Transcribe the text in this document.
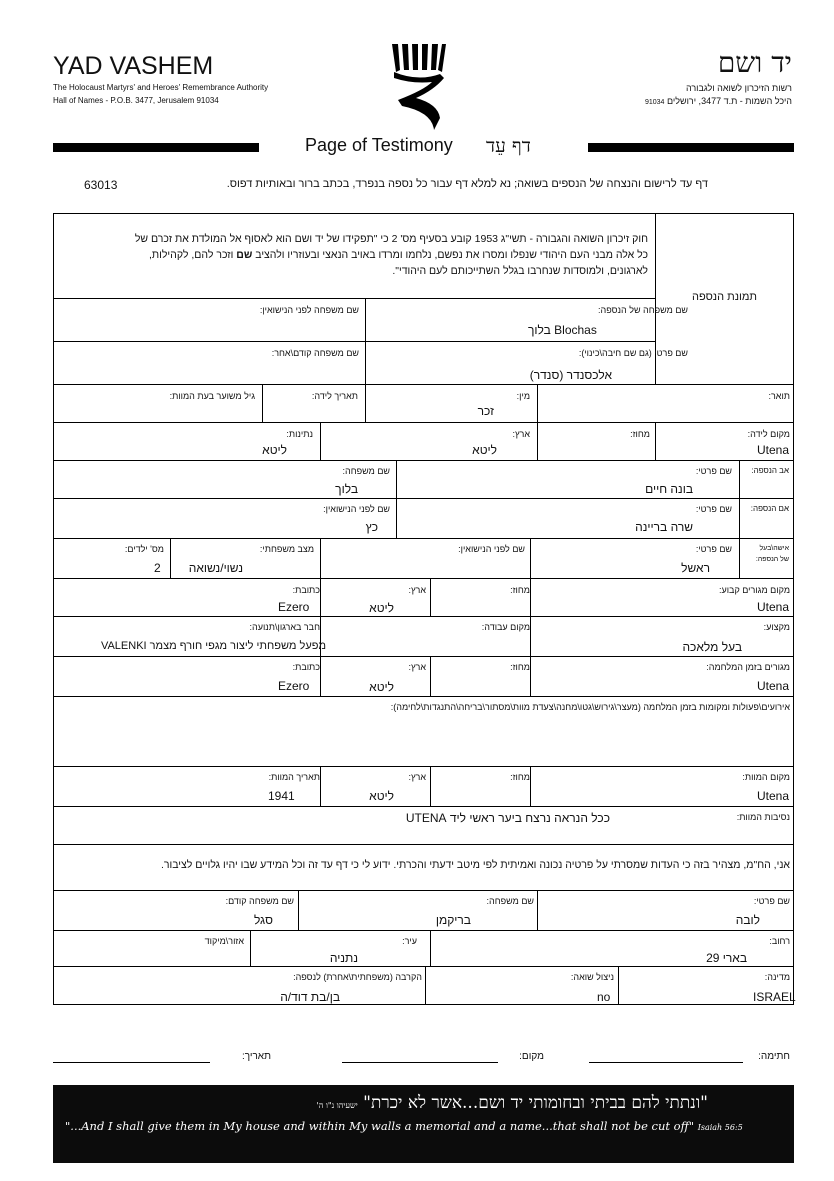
YAD VASHEM
The Holocaust Martyrs' and Heroes' Remembrance Authority
Hall of Names - P.O.B. 3477, Jerusalem 91034
יד ושם
רשות הזיכרון לשואה ולגבורה
היכל השמות - ת.ד 3477, ירושלים 91034
Page of Testimony דף עֵד
דף עד לרישום והנצחה של הנספים בשואה; נא למלא דף עבור כל נספה בנפרד, בכתב ברור ובאותיות דפוס.
63013
חוק זיכרון השואה והגבורה - תשי"ג 1953 קובע בסעיף מס' 2 כי "תפקידו של יד ושם הוא לאסוף אל המולדת את זכרם של
כל אלה מבני העם היהודי שנפלו ומסרו את נפשם, נלחמו ומרדו באויב הנאצי ובעוזריו ולהציב שם וזכר להם, לקהילות,
לארגונים, ולמוסדות שנחרבו בגלל השתייכותם לעם היהודי".
תמונת הנספה
שם משפחה של הנספה:
בלוך Blochas
שם משפחה לפני הנישואין:
שם פרטי (גם שם חיבה\כינוי):
אלכסנדר (סנדר)
שם משפחה קודם\אחר:
תואר:
מין:
זכר
תאריך לידה:
גיל משוער בעת המוות:
מקום לידה:
Utena
מחוז:
ארץ:
ליטא
נתינות:
ליטא
אב הנספה:
שם פרטי:
בונה חיים
שם משפחה:
בלוך
אם הנספה:
שם פרטי:
שרה בריינה
שם לפני הנישואין:
כץ
אישה\בעל
של הנספה:
שם פרטי:
ראשל
שם לפני הנישואין:
מצב משפחתי:
נשוי/נשואה
מס' ילדים:
2
מקום מגורים קבוע:
Utena
מחוז:
ארץ:
ליטא
כתובת:
Ezero
מקצוע:
בעל מלאכה
מקום עבודה:
חבר בארגון\תנועה:
מפעל משפחתי ליצור מגפי חורף מצמר VALENKI
מגורים בזמן המלחמה:
Utena
מחוז:
ארץ:
ליטא
כתובת:
Ezero
אירועים\פעולות ומקומות בזמן המלחמה (מעצר\גירוש\גטו\מחנה\צעדת מוות\מסתור\בריחה\התנגדות\לחימה):
מקום המוות:
Utena
מחוז:
ארץ:
ליטא
תאריך המוות:
1941
נסיבות המוות:
ככל הנראה נרצח ביער ראשי ליד UTENA
אני, הח"מ, מצהיר בזה כי העדות שמסרתי על פרטיה נכונה ואמיתית לפי מיטב ידעתי והכרתי. ידוע לי כי דף עד זה וכל המידע שבו יהיו גלויים לציבור.
שם פרטי:
לובה
שם משפחה:
בריקמן
שם משפחה קודם:
סגל
רחוב:
בארי 29
עיר:
נתניה
אזור\מיקוד
מדינה:
ISRAEL
ניצול שואה:
no
הקרבה (משפחתית\אחרת) לנספה:
בן/בת דוד/ה
חתימה:
מקום:
תאריך:
"ונתתי להם בביתי ובחומותי יד ושם...אשר לא יכרת" ישעיהו נ"ו ה'
"...And I shall give them in My house and within My walls a memorial and a name...that shall not be cut off" Isaiah 56:5
